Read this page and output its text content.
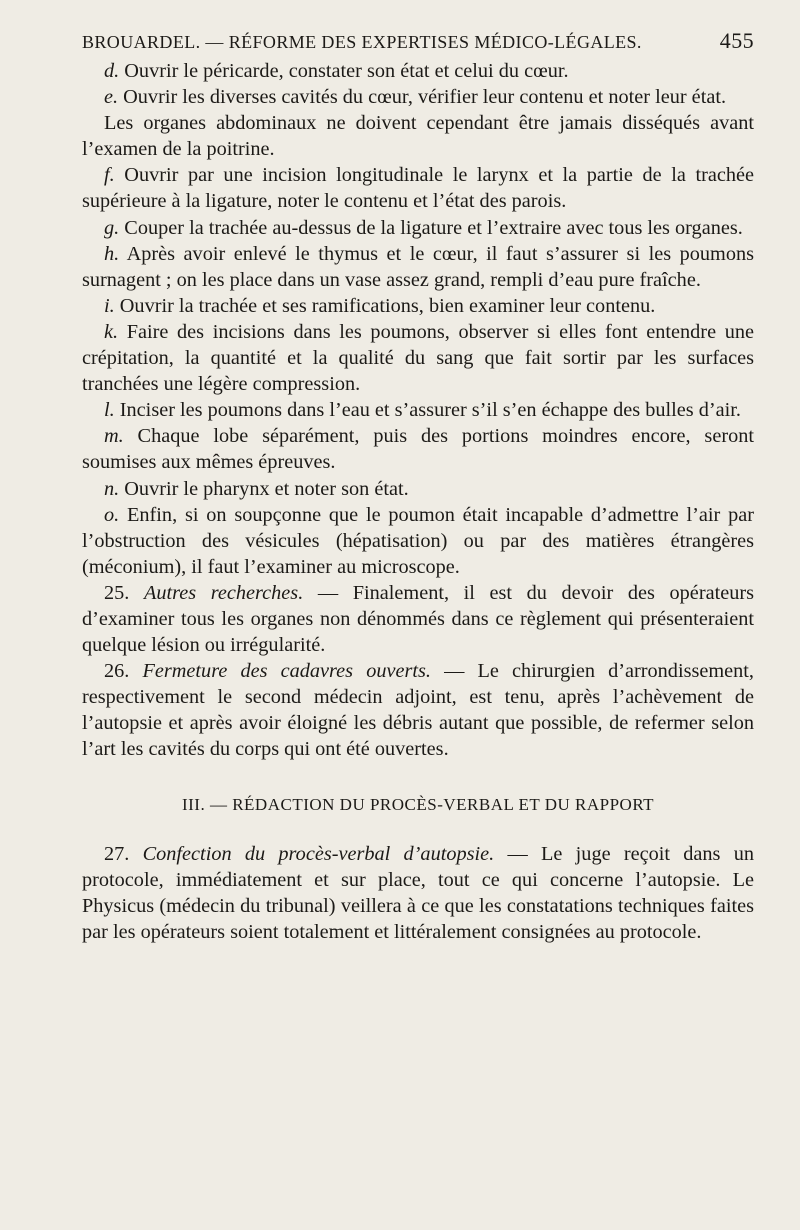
BROUARDEL. — RÉFORME DES EXPERTISES MÉDICO-LÉGALES.	455

d. Ouvrir le péricarde, constater son état et celui du cœur.

e. Ouvrir les diverses cavités du cœur, vérifier leur contenu et noter leur état.

Les organes abdominaux ne doivent cependant être jamais disséqués avant l’examen de la poitrine.

f. Ouvrir par une incision longitudinale le larynx et la partie de la trachée supérieure à la ligature, noter le contenu et l’état des parois.

g. Couper la trachée au-dessus de la ligature et l’extraire avec tous les organes.

h. Après avoir enlevé le thymus et le cœur, il faut s’assurer si les poumons surnagent ; on les place dans un vase assez grand, rempli d’eau pure fraîche.

i. Ouvrir la trachée et ses ramifications, bien examiner leur contenu.

k. Faire des incisions dans les poumons, observer si elles font entendre une crépitation, la quantité et la qualité du sang que fait sortir par les surfaces tranchées une légère compression.

l. Inciser les poumons dans l’eau et s’assurer s’il s’en échappe des bulles d’air.

m. Chaque lobe séparément, puis des portions moindres encore, seront soumises aux mêmes épreuves.

n. Ouvrir le pharynx et noter son état.

o. Enfin, si on soupçonne que le poumon était incapable d’admettre l’air par l’obstruction des vésicules (hépatisation) ou par des matières étrangères (méconium), il faut l’examiner au microscope.

25. Autres recherches. — Finalement, il est du devoir des opérateurs d’examiner tous les organes non dénommés dans ce règlement qui présenteraient quelque lésion ou irrégularité.

26. Fermeture des cadavres ouverts. — Le chirurgien d’arrondissement, respectivement le second médecin adjoint, est tenu, après l’achèvement de l’autopsie et après avoir éloigné les débris autant que possible, de refermer selon l’art les cavités du corps qui ont été ouvertes.

III. — RÉDACTION DU PROCÈS-VERBAL ET DU RAPPORT

27. Confection du procès-verbal d’autopsie. — Le juge reçoit dans un protocole, immédiatement et sur place, tout ce qui concerne l’autopsie. Le Physicus (médecin du tribunal) veillera à ce que les constatations techniques faites par les opérateurs soient totalement et littéralement consignées au protocole.
